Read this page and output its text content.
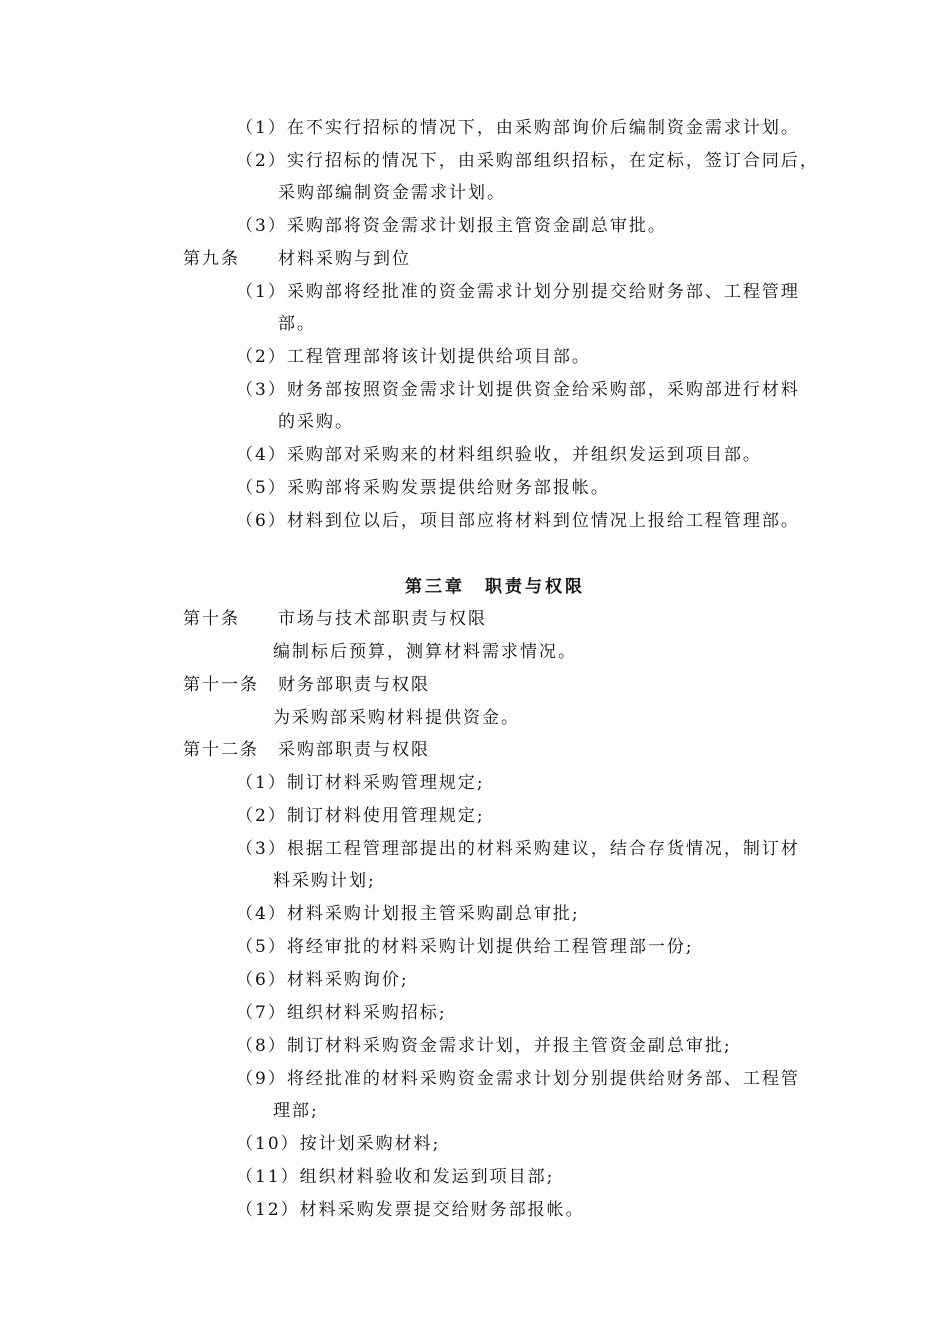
（1）在不实行招标的情况下，由采购部询价后编制资金需求计划。
（2）实行招标的情况下，由采购部组织招标，在定标，签订合同后，
采购部编制资金需求计划。
（3）采购部将资金需求计划报主管资金副总审批。
第九条 材料采购与到位
（1）采购部将经批准的资金需求计划分别提交给财务部、工程管理
部。
（2）工程管理部将该计划提供给项目部。
（3）财务部按照资金需求计划提供资金给采购部，采购部进行材料
的采购。
（4）采购部对采购来的材料组织验收，并组织发运到项目部。
（5）采购部将采购发票提供给财务部报帐。
（6）材料到位以后，项目部应将材料到位情况上报给工程管理部。
第三章　职责与权限
第十条 市场与技术部职责与权限
编制标后预算，测算材料需求情况。
第十一条 财务部职责与权限
为采购部采购材料提供资金。
第十二条 采购部职责与权限
（1）制订材料采购管理规定;
（2）制订材料使用管理规定;
（3）根据工程管理部提出的材料采购建议，结合存货情况，制订材
料采购计划;
（4）材料采购计划报主管采购副总审批;
（5）将经审批的材料采购计划提供给工程管理部一份;
（6）材料采购询价;
（7）组织材料采购招标;
（8）制订材料采购资金需求计划，并报主管资金副总审批;
（9）将经批准的材料采购资金需求计划分别提供给财务部、工程管
理部;
（10）按计划采购材料;
（11）组织材料验收和发运到项目部;
（12）材料采购发票提交给财务部报帐。
